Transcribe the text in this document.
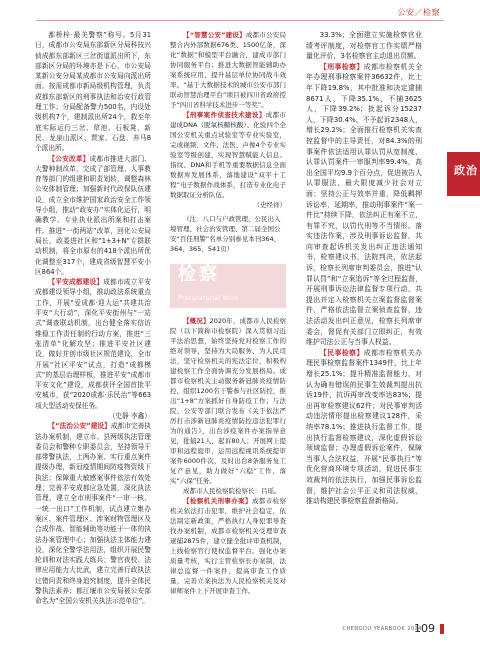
公安／检察
政治

都桥梓·最美警察”称号。5月31日，成都市公安局东部新区分局科技兴侦成都东部新区三岔街道派出所下，东部新区分局的环境亦是下心，市公安局某新公安分局某成都市公安局向派出所面。按需成都市新局级机构管理，负责成都东部新区的刑事执法和治安行政管理工作；分局配备警力500名，内设处级机构7个，建制派出所24个，救至年底实际运行三岔、草池、石板凳、新民、龙泉山派区、贾家、石盘、养马8个派出所。

【公安改革】成都市推进大部门、大警种制改革，完成了部管理、人事教育等部门的组建和职责划转，调整森林公安体制管理；加强新时代政保队伍建设，成立全市维护国家政治安全工作领导小组，推动“政安办”实体化运行，明确教学、专业执业派出所案和打击案件。推进“一街两站”改革，回化公安局局长，政委进社区和“1+3+N”专群联动机制，将全市原有的418个派出所优化调整至317个，建成省级智慧平安小区864个。

【平安成都建设】成都市成立平安成都建设领导小组，推动政法系统重点工作，开展“爱成都·迎大运”共建共治平安“大行动”，深化平安街州与“一站式”调查联动机制，出台健全落实信访维稳工作责任制的行动方案，推进“三张清单”化解攻坚；推进平安社区建设，做好并创市级社区规范建设，全市开展“社区平安”试点，打造“成都模式”的基层治理样板，推进平安“成都市平安文化”建设，成都获评全国首批平安城市，获“2020成都·乐民治”等663项大型活动安保任务。

（史静 李鑫）

【“法治公安”建设】成都市完善执法办案机制，建立市、县两级执法管理委员会和警种专职委员会，坚持领导干部带警执法，上两办案、实行重点案件提级办理，新冠疫情期间防疫物资线下执法；保障重大敏感案事件依法有效处理；完善平安成都应急处置，深化执法管理，建立全市刑事案件“一审一核、一统一出口”工作机制，试点建立集办案区、案件管理区、涉案财物管理区及合成作战、智能辅助等功能于一体的执法办案管理中心；加强执法主体能力建设，深化全警学法用法，组织开展民警轮训和对法实践大练兵；警官夜校、法律应用能力大比武，建立完善行政执法过错问责和终身追究制度，提升全体民警执法素养；都江堰市公安局被公安部命名为“全国公安机关执法示范单位”。

【“智慧公安”建设】成都市公安局整合内外部数据676类、1500亿条，深化“数据”和模型平台融合，建成市部门协同服务平台；推进大数据智能辅助办案系统应用，提升基层单位协同战斗效率。“基于大数据技术的城市公安市部门联动智慧治理平台”项目被四川省政府授予“四川省科学技术进步一等奖”。

【刑事案件侦查技术建设】成都市建成DNA（脱氧核糖核酸）、化验四个全国公安机关重点试验室等专业实验室，完成视频、文件、法医、声像4个专业实验室等级创建，实现智慧赋能人信息。指纹、DNA和手机等重要数据信息全面数据库发展体系，落地建设“双平十工程”电子数据作战体系，打造专业化电子数据取证分析队伍。

（史经祥）

（注：八口与户政管理、公民出入境管理、社会治安管理、第二届全国公安“百佳刑警”名单分别参见本刊364、364、365、541页）

检察
Procuratorial Work

【概况】2020年，成都市人民检察院（以下简称市检察院）深入贯彻习近平法治思想，始终坚持党对检察工作的绝对领导，坚持为大局服务、为人民司法，坚守检察机关的宪法定位，积极构建检察工作全面协调充分发展格局。成都市检察机关主动服务新冠肺炎疫情防控，组织1200名干警参与社区防控，推出“1+8”方案抓好自身防疫工作；与法院、公安等部门联合发布《关于依法严厉打击涉新冠肺炎疫情防控违法犯罪行为的通告》，出台涉疫案件办案指导意见，批捕21人，起诉80人；开展网上提审和远程庭审，运用远程视讯系统提审案件6000件次，及时出台8条服务复工复产意见，助力做好“六稳”工作、落实“六保”任务。

成都市人民检察院检察长：吕瑶。

【检察机关刑事办案】成都市检察机关依法打击犯罪，维护社会稳定，依法制定新政策，严格执行人身犯罪导查找办案机制，成都市检察机关受理审查逮捕2875件，建立健全批评审查机制，上线检察官行使权监督平台。强化办案质量考核，实行主管检察长办案制，法律总监督一件案件，提高审查工作质量，完善立案执法为人民检察机关及对律师案件上下开展审查工作。

33.3%；全面建立实施检察官业绩考评制度，对检察官工作实绩严格量化评价，3名检察官主动退出员额。

【刑事检察】成都市检察机关全年办理刑事检察案件36632件，比上年下降19.8%，其中批准和决定逮捕8671人，下降35.1%，不捕3625人，下降39.2%；批起诉分15237人，下降30.4%，不予起诉2348人，增长29.2%；全面推行检察机关实查控监督中的主导责任，对84.3%的刑事案件依法适用认罪认罚从宽制度，认罪认罚案件一审服判率99.4%，高出全国平均9.9个百分点，促进被告人认罪服法，最大限度减少社会对立面；坚持公正与效率并重，降低羁押诉讼率，延期率，推动刑事案件“案一件比”持续下降，依法纠正有案不立，有罪不究，以罚代刑等不当情形。落实违法作案，涉及刑事诉讼监督，共向审查起诉机关发出纠正违法通知书，检察建议书，法院判决，依法起诉，检察长列席审判委员会，推进“认罪认罚”和“立案追诉”等全过程监督，开展刑事诉讼法律监督专项行动，共提出并定入检察机关立案监督监督案件，严格依法监督立案侦查监督，违法活动发出纠正意见，检察长列席审委会，督促有关部门立即纠正，有效维护司法公正与当事人权益。

【民事检察】成都市检察机关办理民事检察监督案件1349件，比上年增长25.1%；提升精准监督能力，对认为确有错误的民事生效裁判提出抗诉19件，抗诉再审改变率达83%；提出再审检察建议62件；对民事审判活动违法情形提出检察建议128件，采纳率78.1%；推进执行监督工作，提出执行监督检察建议，深化虚假诉讼领域监督；办理虚假诉讼案件，保障当事人合法权益，开展“民事执行”等优化营商环境专项活动，促进民事生效裁判的依法执行，加强民事诉讼监督，维护社会公平正义和司法权威，推动构建民事检察监督新格局。

CHENGDU YEARBOOK 2024
109
